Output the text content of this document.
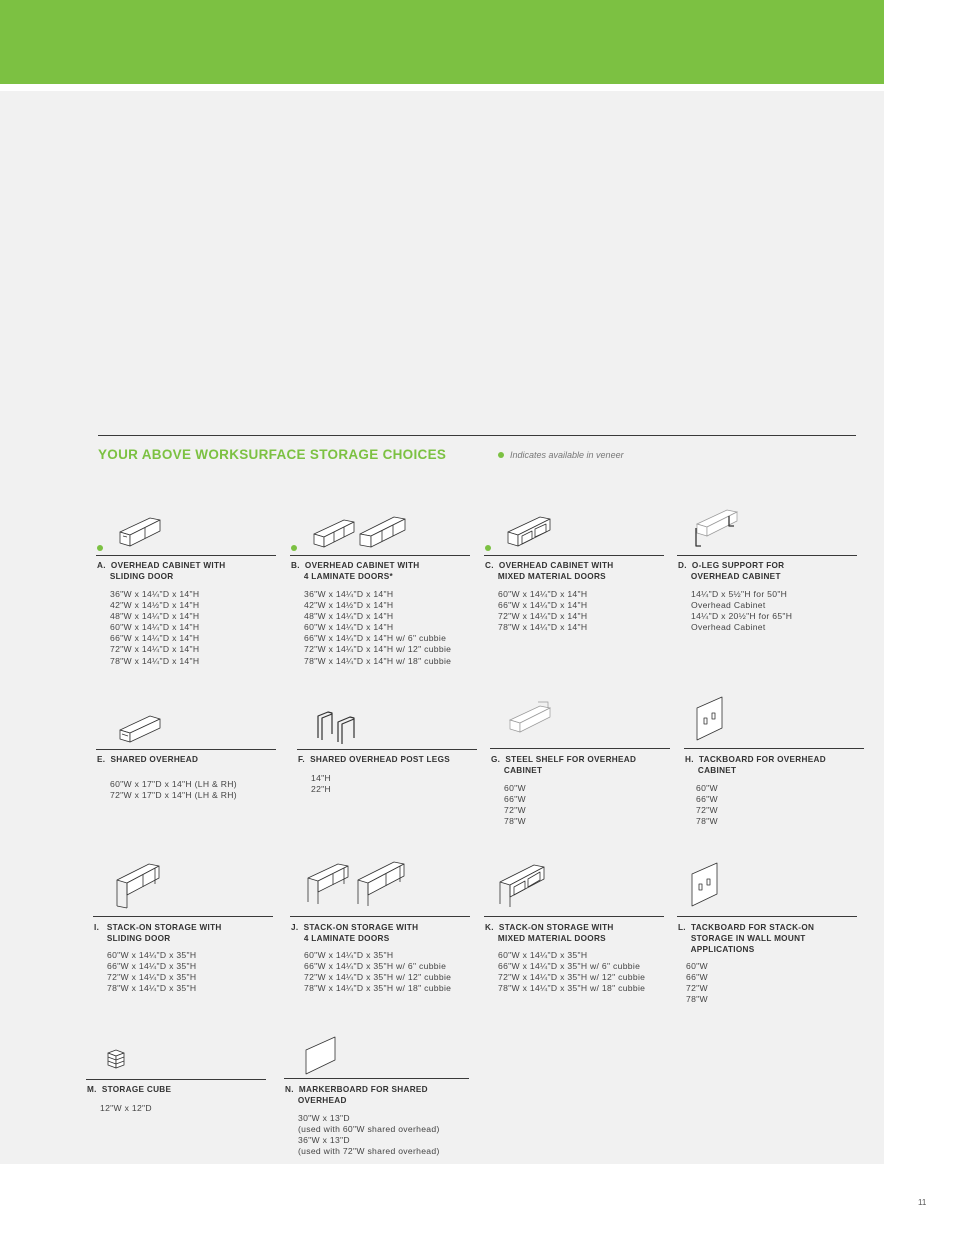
YOUR ABOVE WORKSURFACE STORAGE CHOICES	Indicates available in veneer
A.  OVERHEAD CABINET WITH
SLIDING DOOR
36"W x 14¼"D x 14"H
42"W x 14½"D x 14"H
48"W x 14¼"D x 14"H
60"W x 14¼"D x 14"H
66"W x 14¼"D x 14"H
72"W x 14¼"D x 14"H
78"W x 14¼"D x 14"H
B.  OVERHEAD CABINET WITH
4 LAMINATE DOORS*
36"W x 14¼"D x 14"H
42"W x 14½"D x 14"H
48"W x 14¼"D x 14"H
60"W x 14¼"D x 14"H
66"W x 14¼"D x 14"H w/ 6" cubbie
72"W x 14¼"D x 14"H w/ 12" cubbie
78"W x 14¼"D x 14"H w/ 18" cubbie
C.  OVERHEAD CABINET WITH
MIXED MATERIAL DOORS
60"W x 14¼"D x 14"H
66"W x 14¼"D x 14"H
72"W x 14¼"D x 14"H
78"W x 14¼"D x 14"H
D.  O-LEG SUPPORT FOR
OVERHEAD CABINET
14¼"D x 5½"H for 50"H
Overhead Cabinet
14¼"D x 20½"H for 65"H
Overhead Cabinet
E.  SHARED OVERHEAD
60"W x 17"D x 14"H (LH & RH)
72"W x 17"D x 14"H (LH & RH)
F.  SHARED OVERHEAD POST LEGS
14"H
22"H
G.  STEEL SHELF FOR OVERHEAD
CABINET
60"W
66"W
72"W
78"W
H.  TACKBOARD FOR OVERHEAD
CABINET
60"W
66"W
72"W
78"W
I.   STACK-ON STORAGE WITH
SLIDING DOOR
60"W x 14¼"D x 35"H
66"W x 14¼"D x 35"H
72"W x 14¼"D x 35"H
78"W x 14¼"D x 35"H
J.  STACK-ON STORAGE WITH
4 LAMINATE DOORS
60"W x 14¼"D x 35"H
66"W x 14¼"D x 35"H w/ 6" cubbie
72"W x 14¼"D x 35"H w/ 12" cubbie
78"W x 14¼"D x 35"H w/ 18" cubbie
K.  STACK-ON STORAGE WITH
MIXED MATERIAL DOORS
60"W x 14¼"D x 35"H
66"W x 14¼"D x 35"H w/ 6" cubbie
72"W x 14¼"D x 35"H w/ 12" cubbie
78"W x 14¼"D x 35"H w/ 18" cubbie
L.  TACKBOARD FOR STACK-ON
STORAGE IN WALL MOUNT
APPLICATIONS
60"W
66"W
72"W
78"W
M.  STORAGE CUBE
12"W x 12"D
N.  MARKERBOARD FOR SHARED
OVERHEAD
30"W x 13"D
(used with 60"W shared overhead)
36"W x 13"D
(used with 72"W shared overhead)
11
